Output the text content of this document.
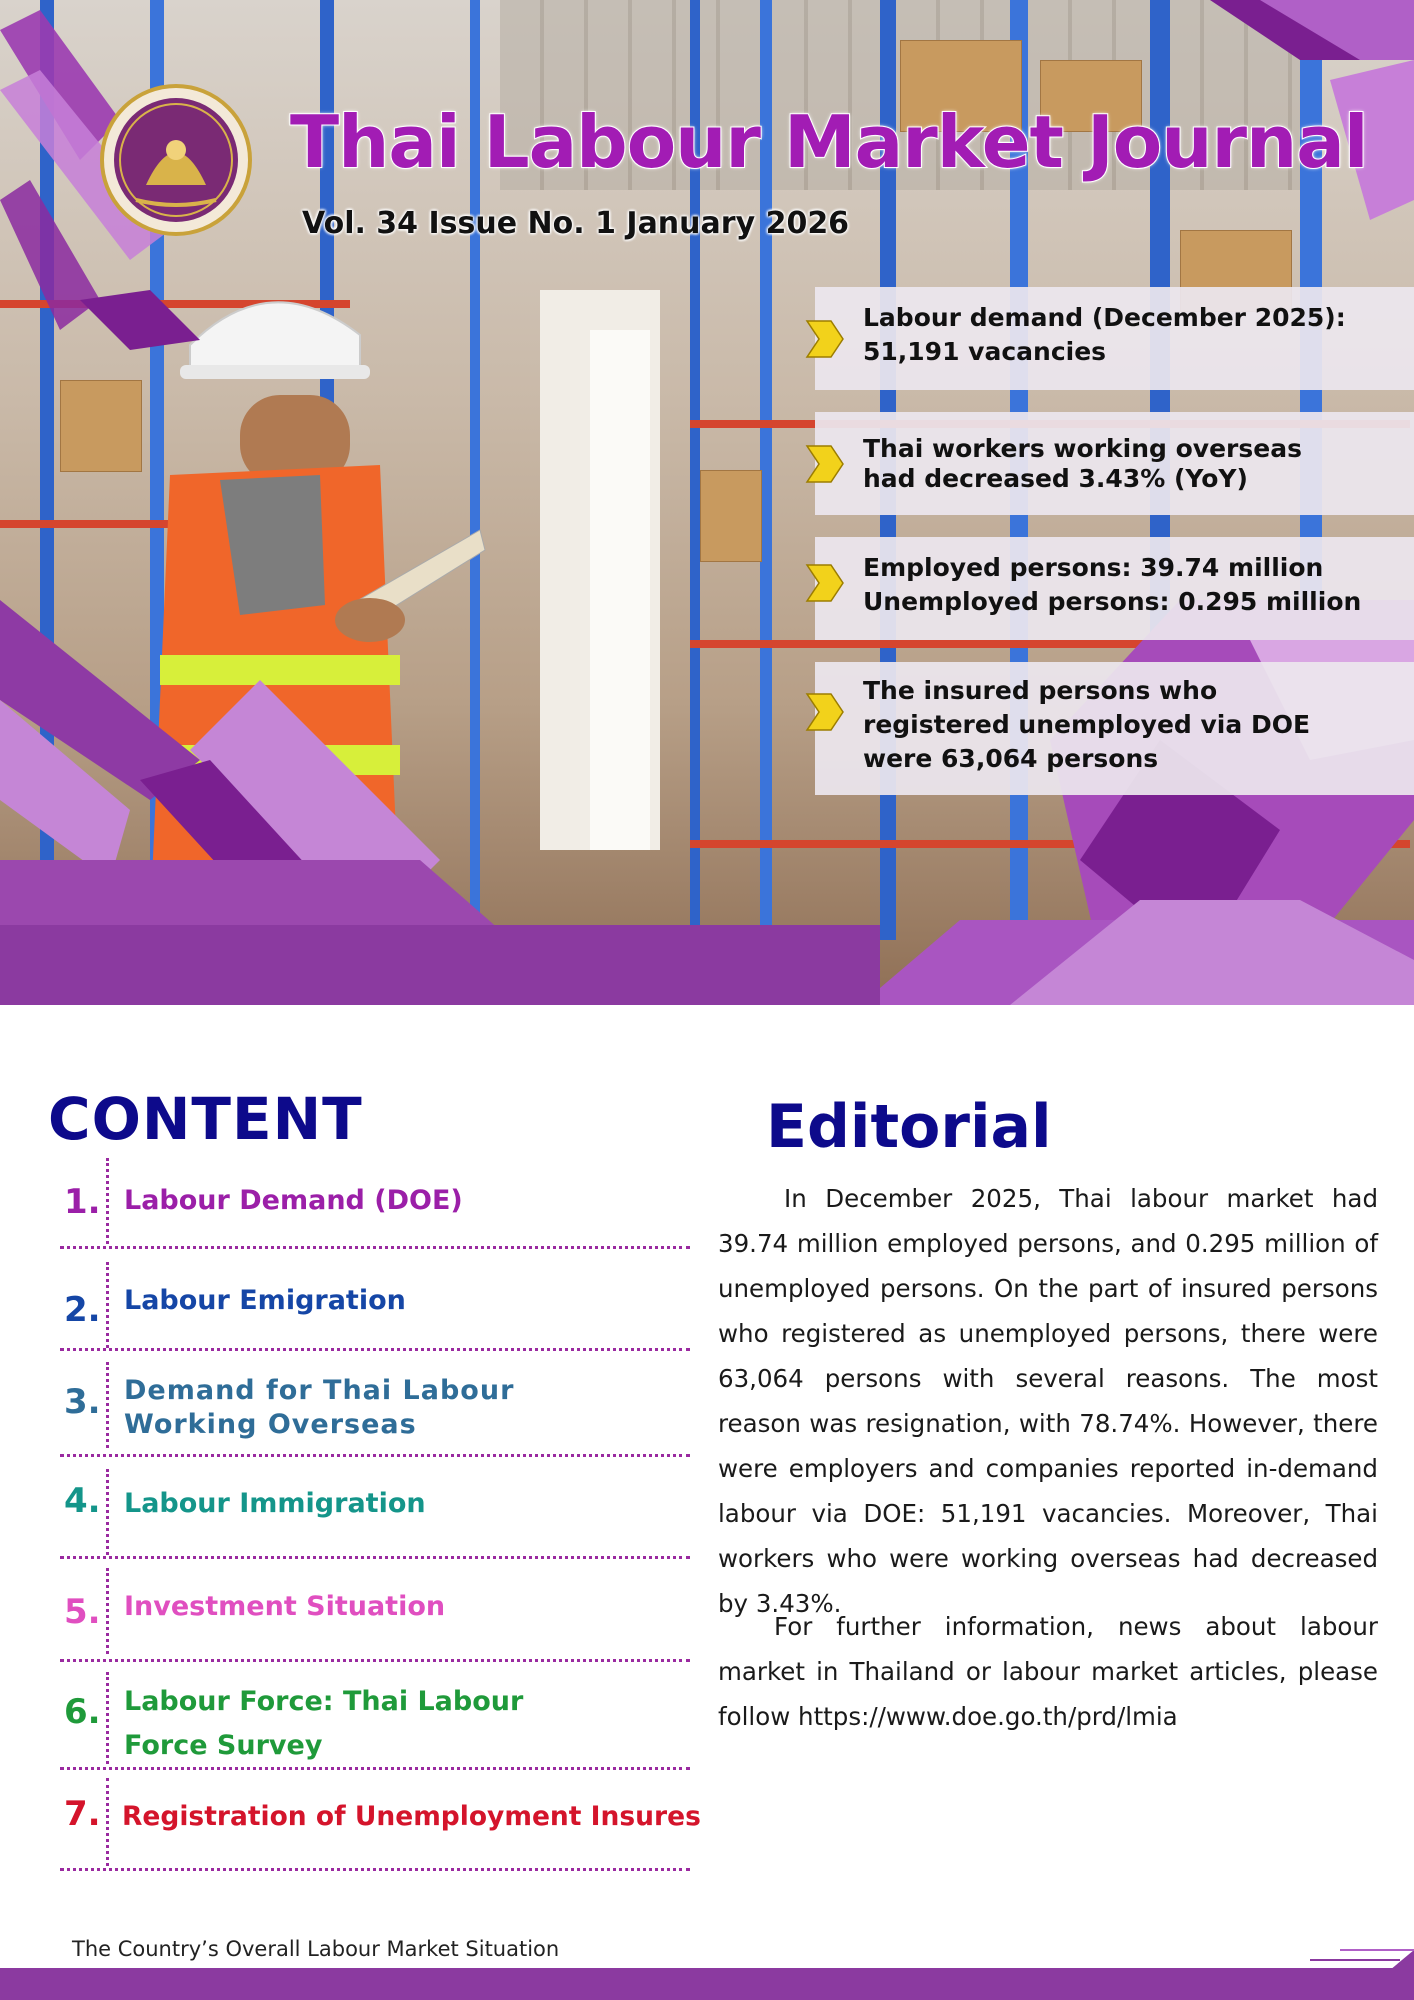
Thai Labour Market Journal
Vol. 34 Issue No. 1 January 2026
Labour demand (December 2025):
51,191 vacancies
Thai workers working overseas
had decreased 3.43% (YoY)
Employed persons: 39.74 million
Unemployed persons: 0.295 million
The insured persons who
registered unemployed via DOE
were 63,064 persons
CONTENT
1. Labour Demand (DOE)
2. Labour Emigration
3. Demand for Thai Labour
Working Overseas
4. Labour Immigration
5. Investment Situation
6. Labour Force: Thai Labour
Force Survey
7. Registration of Unemployment Insures
Editorial
In December 2025, Thai labour market had 39.74 million employed persons, and 0.295 million of unemployed persons. On the part of insured persons who registered as unemployed persons, there were 63,064 persons with several reasons. The most reason was resignation, with 78.74%. However, there were employers and companies reported in-demand labour via DOE: 51,191 vacancies. Moreover, Thai workers who were working overseas had decreased by 3.43%.
For further information, news about labour market in Thailand or labour market articles, please follow https://www.doe.go.th/prd/lmia
The Country’s Overall Labour Market Situation
